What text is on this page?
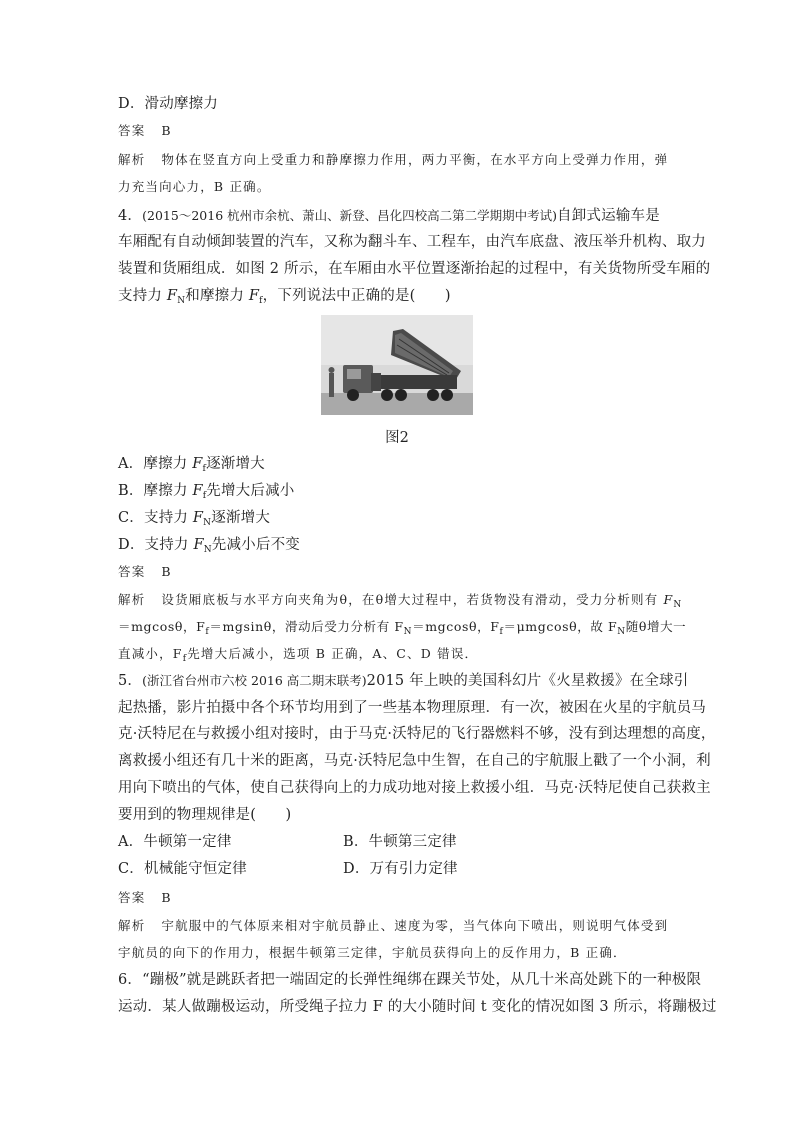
D．滑动摩擦力
答案 B
解析 物体在竖直方向上受重力和静摩擦力作用，两力平衡，在水平方向上受弹力作用，弹
力充当向心力，B 正确。
4．(2015～2016 杭州市余杭、萧山、新登、昌化四校高二第二学期期中考试)自卸式运输车是
车厢配有自动倾卸装置的汽车，又称为翻斗车、工程车，由汽车底盘、液压举升机构、取力
装置和货厢组成．如图 2 所示，在车厢由水平位置逐渐抬起的过程中，有关货物所受车厢的
支持力 $F_N$和摩擦力 $F_f$，下列说法中正确的是(　　)
图2
A．摩擦力 $F_f$逐渐增大
B．摩擦力 $F_f$先增大后减小
C．支持力 $F_N$逐渐增大
D．支持力 $F_N$先减小后不变
答案 B
解析 设货厢底板与水平方向夹角为θ，在θ增大过程中，若货物没有滑动，受力分析则有 $F_N$
＝mgcosθ，$F_f=mgsin\theta$，滑动后受力分析有 $F_N=mgcos\theta$，$F_f=\mu mgcos\theta$，故 $F_N$随θ增大一
直减小，$F_f$先增大后减小，选项 B 正确，A、C、D 错误．
5．(浙江省台州市六校 2016 高二期末联考)2015 年上映的美国科幻片《火星救援》在全球引
起热播，影片拍摄中各个环节均用到了一些基本物理原理．有一次，被困在火星的宇航员马
克·沃特尼在与救援小组对接时，由于马克·沃特尼的飞行器燃料不够，没有到达理想的高度，
离救援小组还有几十米的距离，马克·沃特尼急中生智，在自己的宇航服上戳了一个小洞，利
用向下喷出的气体，使自己获得向上的力成功地对接上救援小组．马克·沃特尼使自己获救主
要用到的物理规律是(　　)
A．牛顿第一定律	B．牛顿第三定律
C．机械能守恒定律	D．万有引力定律
答案 B
解析 宇航服中的气体原来相对宇航员静止、速度为零，当气体向下喷出，则说明气体受到
宇航员的向下的作用力，根据牛顿第三定律，宇航员获得向上的反作用力，B 正确．
6．“蹦极”就是跳跃者把一端固定的长弹性绳绑在踝关节处，从几十米高处跳下的一种极限
运动．某人做蹦极运动，所受绳子拉力 F 的大小随时间 t 变化的情况如图 3 所示，将蹦极过
